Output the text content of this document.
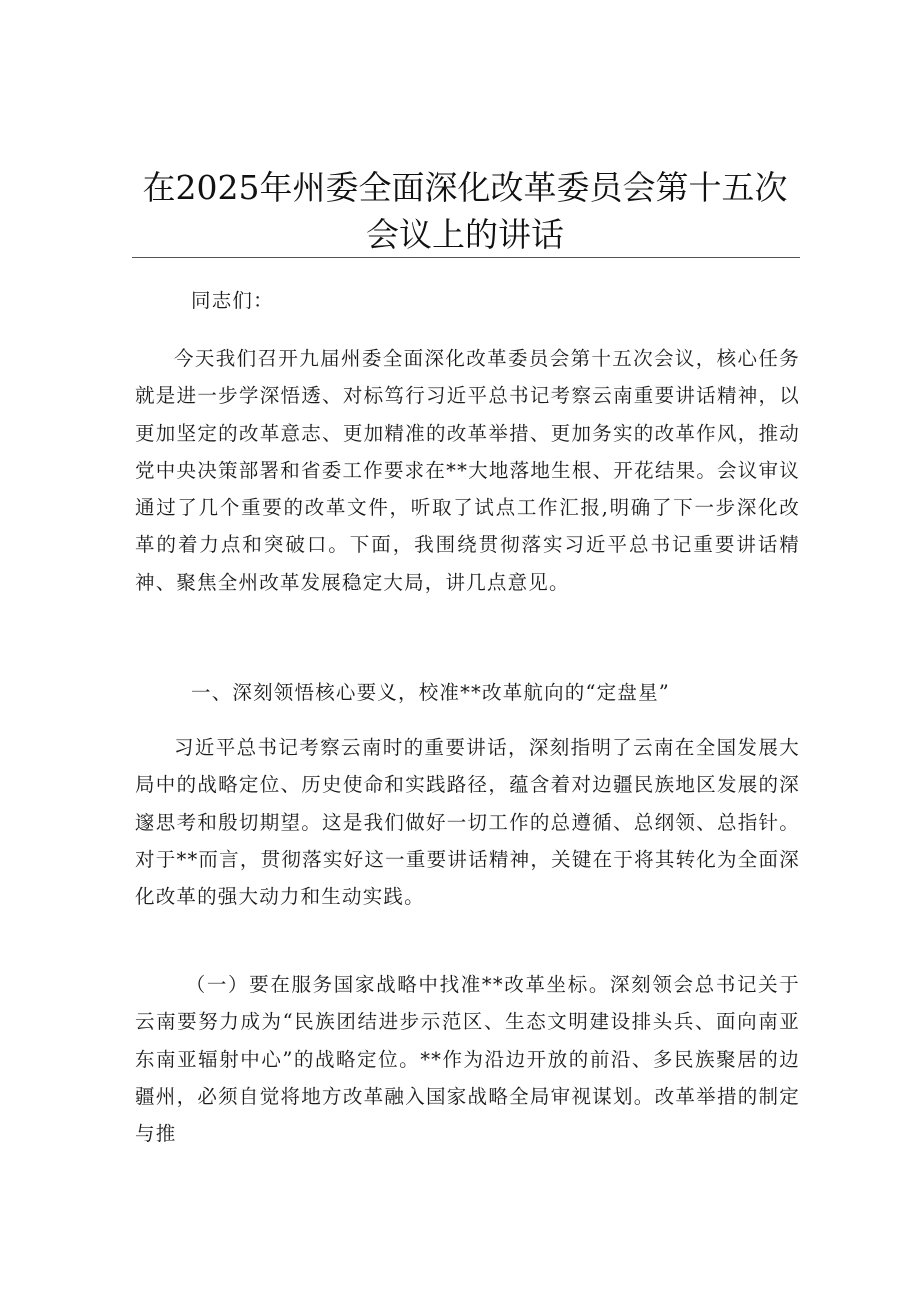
在2025年州委全面深化改革委员会第十五次
会议上的讲话
同志们：

今天我们召开九届州委全面深化改革委员会第十五次会议，核心任务就是进一步学深悟透、对标笃行习近平总书记考察云南重要讲话精神，以更加坚定的改革意志、更加精准的改革举措、更加务实的改革作风，推动党中央决策部署和省委工作要求在**大地落地生根、开花结果。会议审议通过了几个重要的改革文件，听取了试点工作汇报,明确了下一步深化改革的着力点和突破口。下面，我围绕贯彻落实习近平总书记重要讲话精神、聚焦全州改革发展稳定大局，讲几点意见。

一、深刻领悟核心要义，校准**改革航向的“定盘星”

习近平总书记考察云南时的重要讲话，深刻指明了云南在全国发展大局中的战略定位、历史使命和实践路径，蕴含着对边疆民族地区发展的深邃思考和殷切期望。这是我们做好一切工作的总遵循、总纲领、总指针。对于**而言，贯彻落实好这一重要讲话精神，关键在于将其转化为全面深化改革的强大动力和生动实践。

（一）要在服务国家战略中找准**改革坐标。深刻领会总书记关于云南要努力成为“民族团结进步示范区、生态文明建设排头兵、面向南亚东南亚辐射中心”的战略定位。**作为沿边开放的前沿、多民族聚居的边疆州，必须自觉将地方改革融入国家战略全局审视谋划。改革举措的制定与推
